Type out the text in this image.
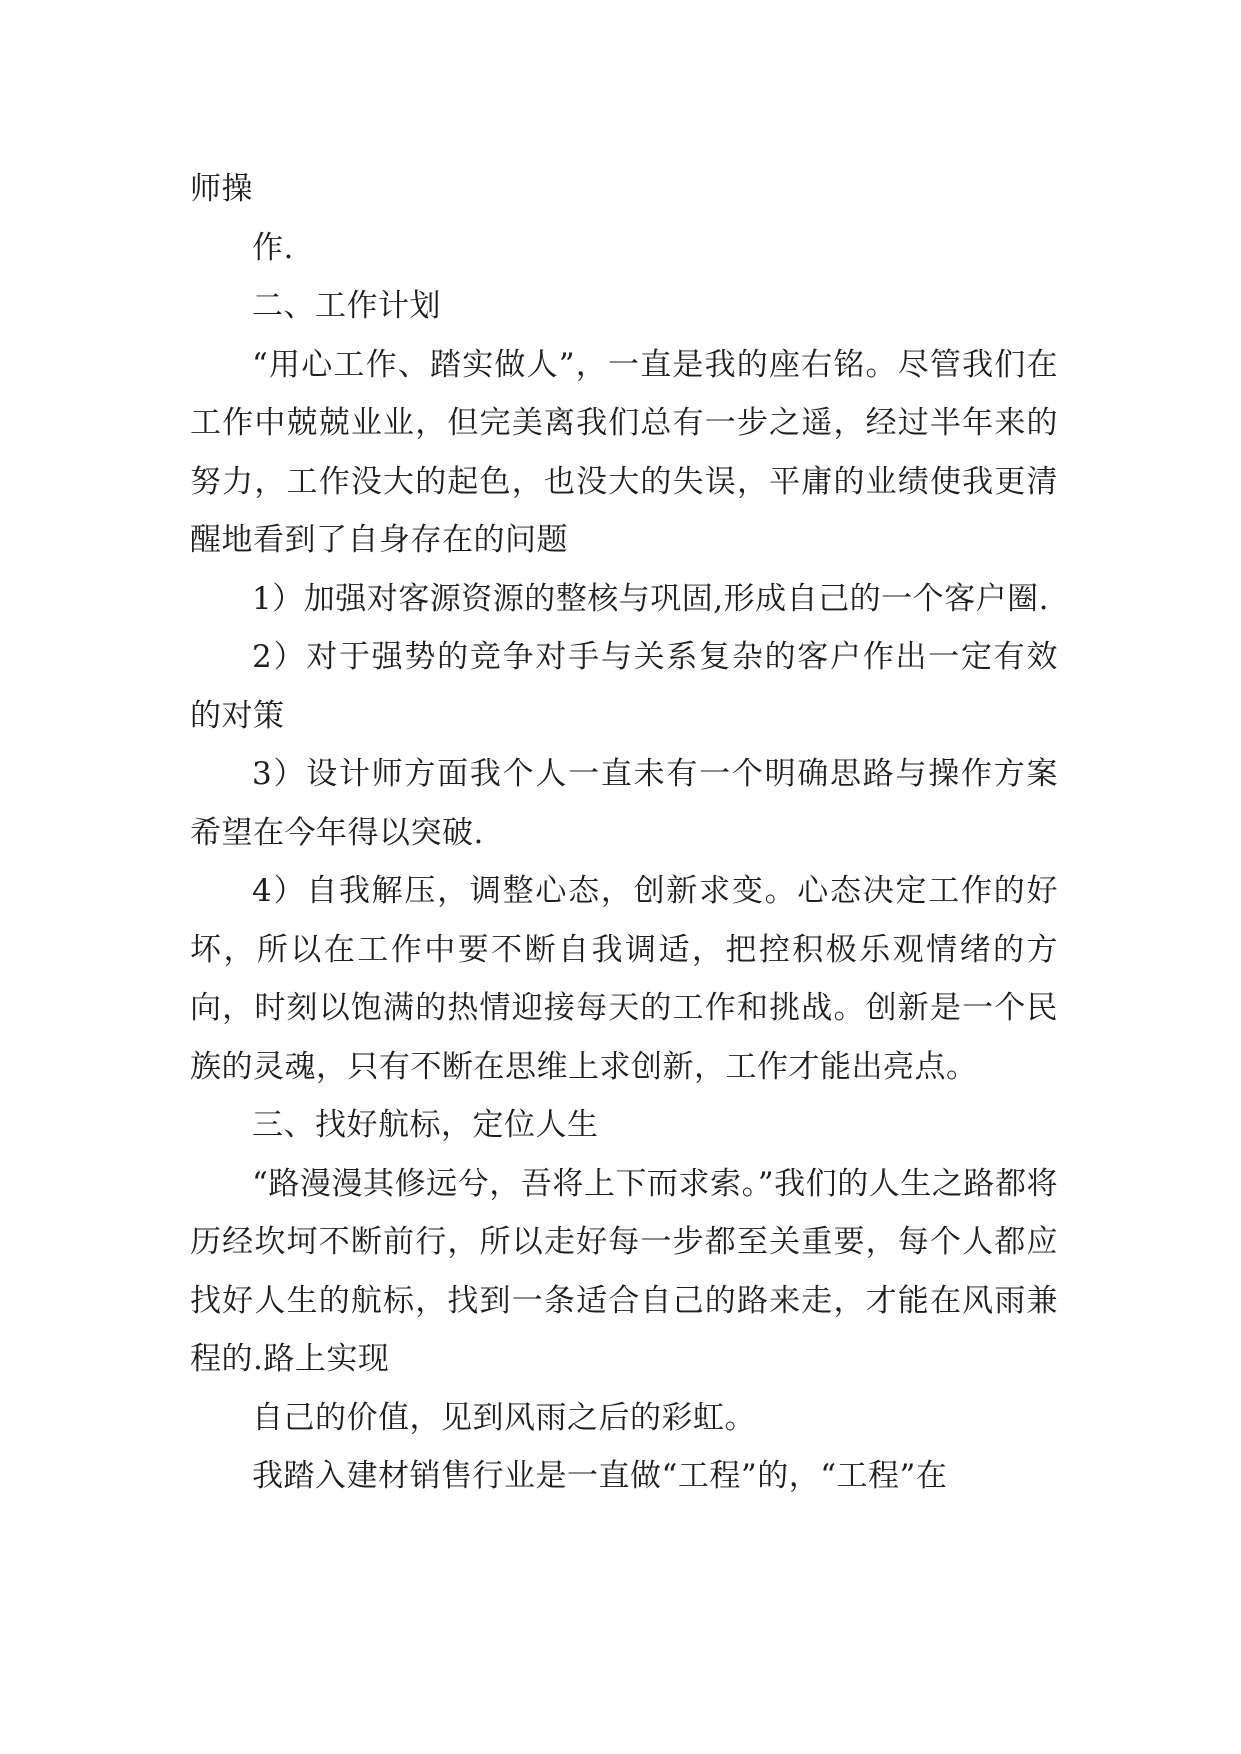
师操

作.

二、工作计划

“用心工作、踏实做人”，一直是我的座右铭。尽管我们在工作中兢兢业业，但完美离我们总有一步之遥，经过半年来的努力，工作没大的起色，也没大的失误，平庸的业绩使我更清醒地看到了自身存在的问题

1）加强对客源资源的整核与巩固,形成自己的一个客户圈.

2）对于强势的竞争对手与关系复杂的客户作出一定有效的对策

3）设计师方面我个人一直未有一个明确思路与操作方案希望在今年得以突破.

4）自我解压，调整心态，创新求变。心态决定工作的好坏，所以在工作中要不断自我调适，把控积极乐观情绪的方向，时刻以饱满的热情迎接每天的工作和挑战。创新是一个民族的灵魂，只有不断在思维上求创新，工作才能出亮点。

三、找好航标，定位人生

“路漫漫其修远兮，吾将上下而求索。”我们的人生之路都将历经坎坷不断前行，所以走好每一步都至关重要，每个人都应找好人生的航标，找到一条适合自己的路来走，才能在风雨兼程的.路上实现

自己的价值，见到风雨之后的彩虹。

我踏入建材销售行业是一直做“工程”的，“工程”在
